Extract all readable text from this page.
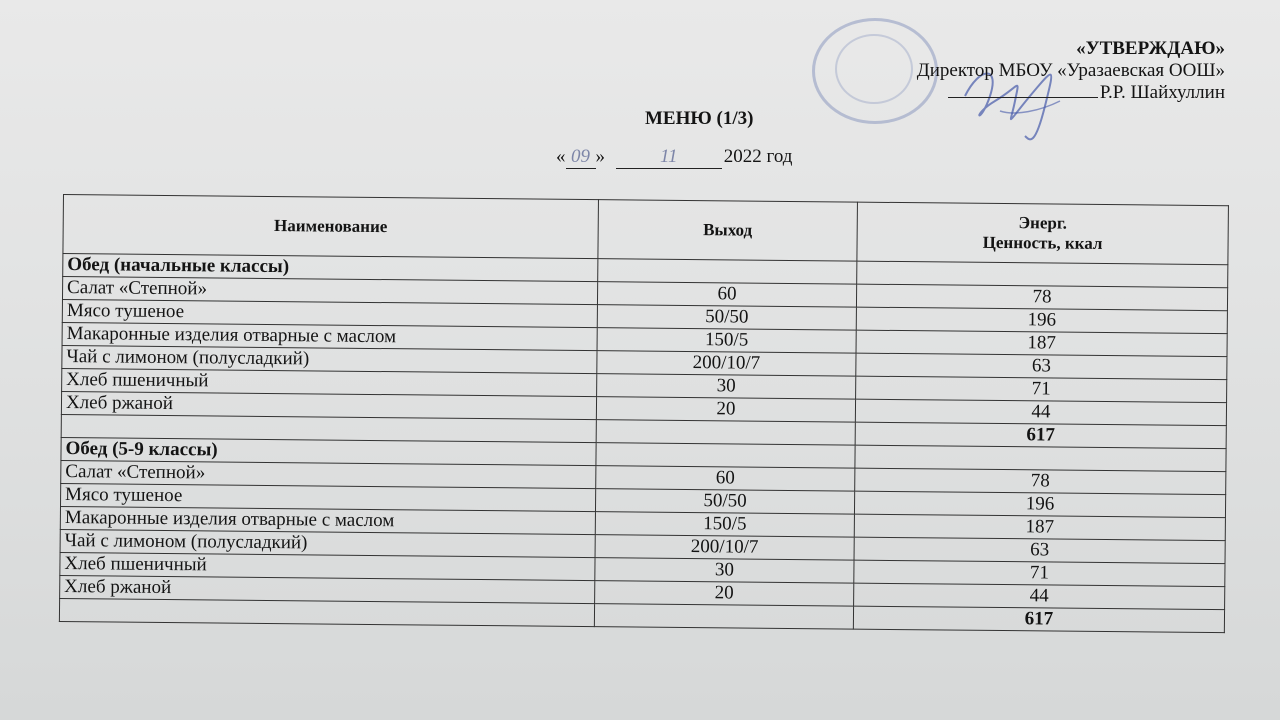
«УТВЕРЖДАЮ»
Директор МБОУ «Уразаевская ООШ»
Р.Р. Шайхуллин
МЕНЮ (1/3)
« 09 »	11 2022 год
Наименование	Выход	Энерг.
Ценность, ккал

Обед (начальные классы)		
Салат «Степной»	60	78
Мясо тушеное	50/50	196
Макаронные изделия отварные с маслом	150/5	187
Чай с лимоном (полусладкий)	200/10/7	63
Хлеб пшеничный	30	71
Хлеб ржаной	20	44
		617
Обед (5-9 классы)		
Салат «Степной»	60	78
Мясо тушеное	50/50	196
Макаронные изделия отварные с маслом	150/5	187
Чай с лимоном (полусладкий)	200/10/7	63
Хлеб пшеничный	30	71
Хлеб ржаной	20	44
		617
